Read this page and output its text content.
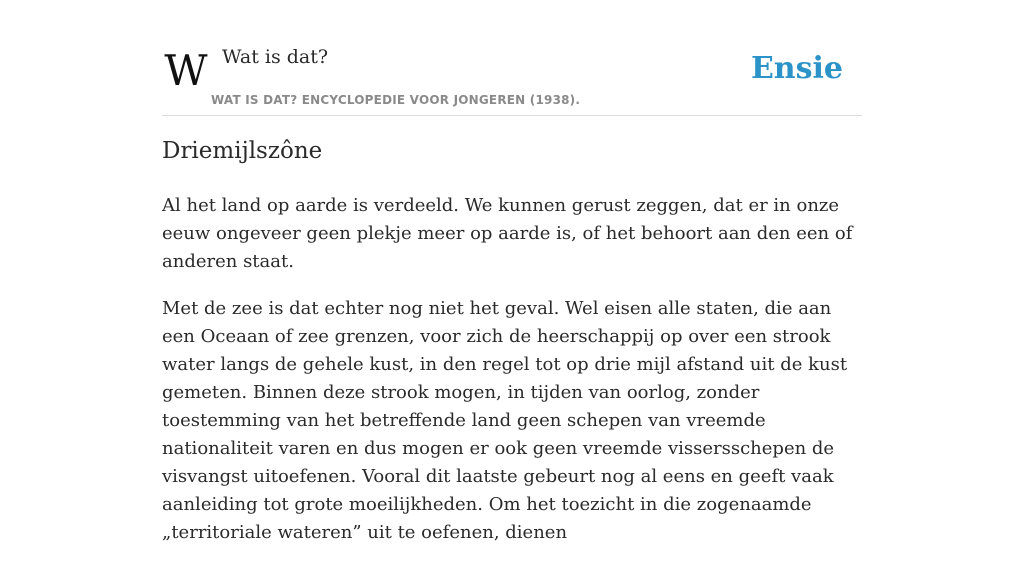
W Wat is dat?
WAT IS DAT? ENCYCLOPEDIE VOOR JONGEREN (1938).
Ensie
Driemijlszône

Al het land op aarde is verdeeld. We kunnen gerust zeggen, dat er in onze eeuw ongeveer geen plekje meer op aarde is, of het behoort aan den een of anderen staat.

Met de zee is dat echter nog niet het geval. Wel eisen alle staten, die aan een Oceaan of zee grenzen, voor zich de heerschappij op over een strook water langs de gehele kust, in den regel tot op drie mijl afstand uit de kust gemeten. Binnen deze strook mogen, in tijden van oorlog, zonder toestemming van het betreffende land geen schepen van vreemde nationaliteit varen en dus mogen er ook geen vreemde vissersschepen de visvangst uitoefenen. Vooral dit laatste gebeurt nog al eens en geeft vaak aanleiding tot grote moeilijkheden. Om het toezicht in die zogenaamde „territoriale wateren” uit te oefenen, dienen
